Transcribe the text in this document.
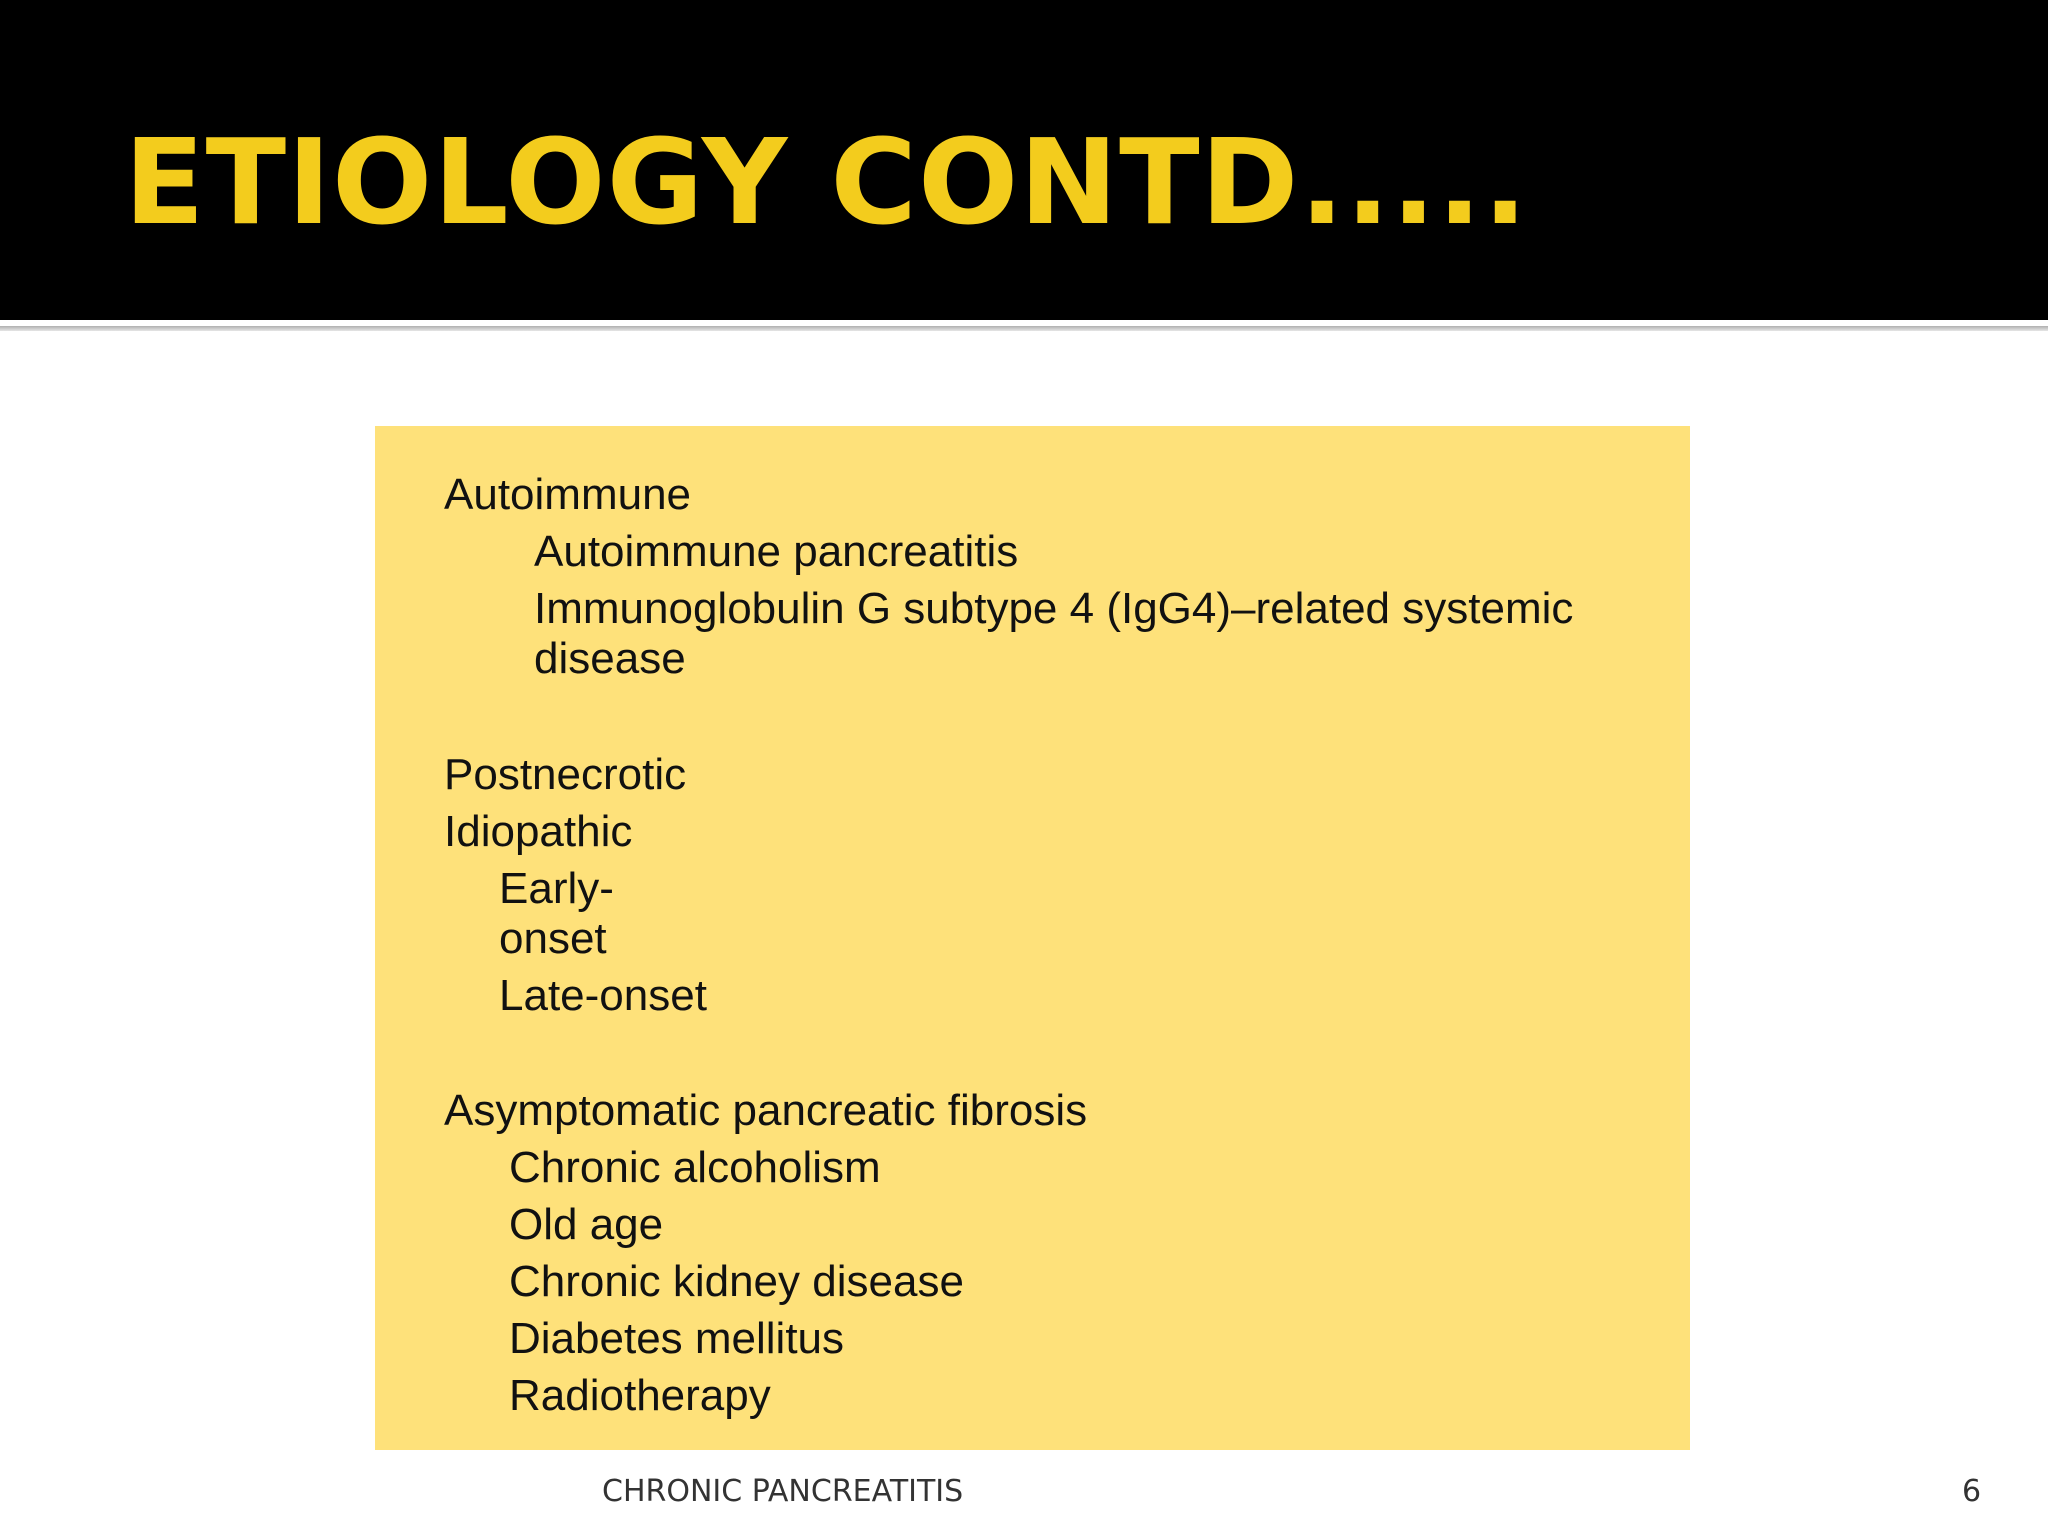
ETIOLOGY CONTD.....

Autoimmune

Autoimmune pancreatitis

Immunoglobulin G subtype 4 (IgG4)–related systemic

disease

Postnecrotic

Idiopathic

Early-

onset

Late-onset

Asymptomatic pancreatic fibrosis

Chronic alcoholism

Old age

Chronic kidney disease

Diabetes mellitus

Radiotherapy

CHRONIC PANCREATITIS	6
